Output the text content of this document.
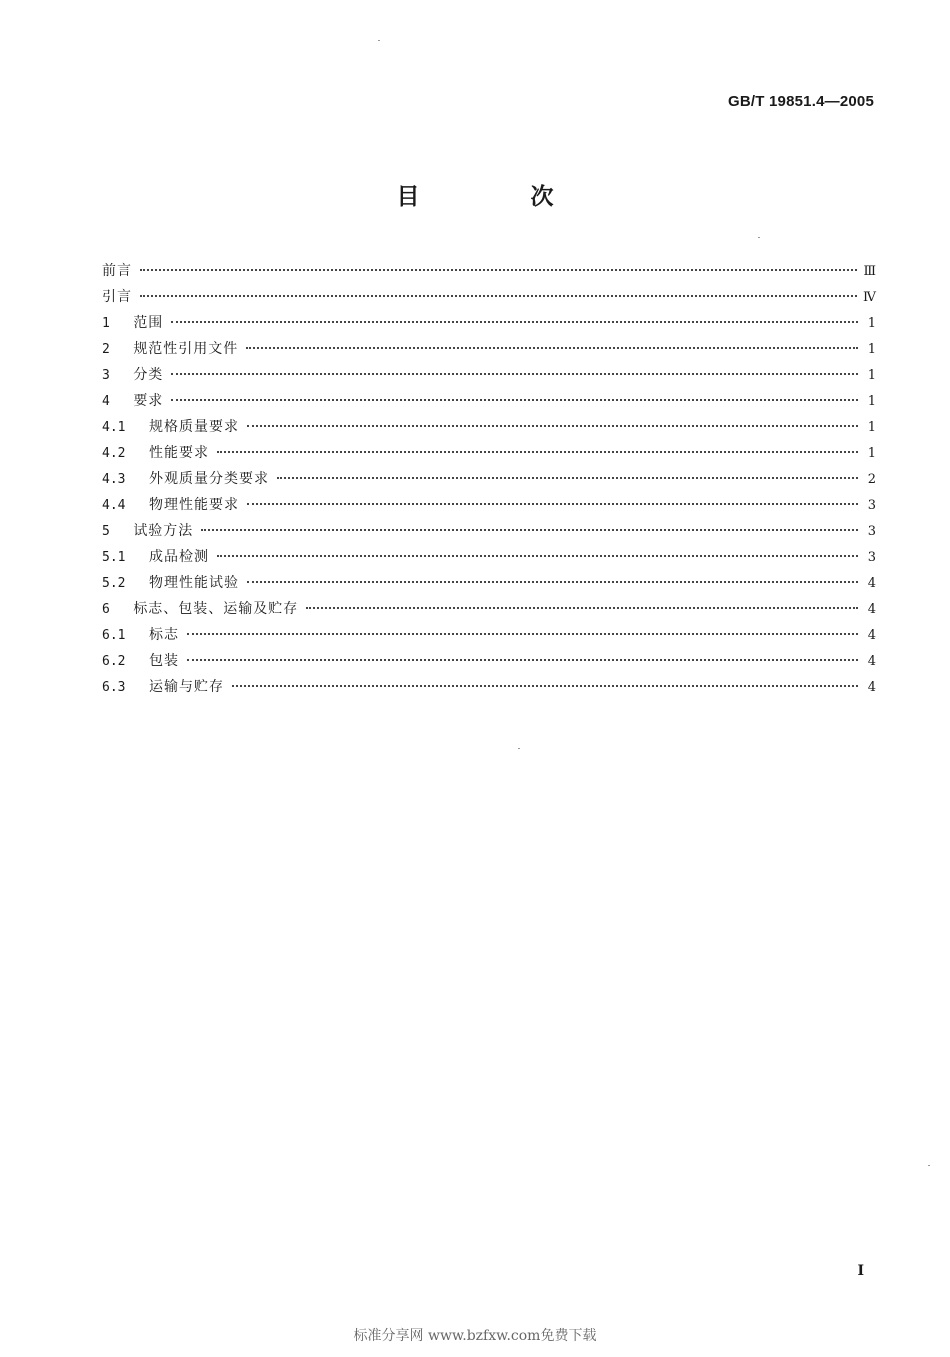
GB/T 19851.4—2005
目　次
前言	Ⅲ
引言	Ⅳ
1 范围	1
2 规范性引用文件	1
3 分类	1
4 要求	1
4.1 规格质量要求	1
4.2 性能要求	1
4.3 外观质量分类要求	2
4.4 物理性能要求	3
5 试验方法	3
5.1 成品检测	3
5.2 物理性能试验	4
6 标志、包装、运输及贮存	4
6.1 标志	4
6.2 包装	4
6.3 运输与贮存	4
I
标准分享网 www.bzfxw.com免费下载
